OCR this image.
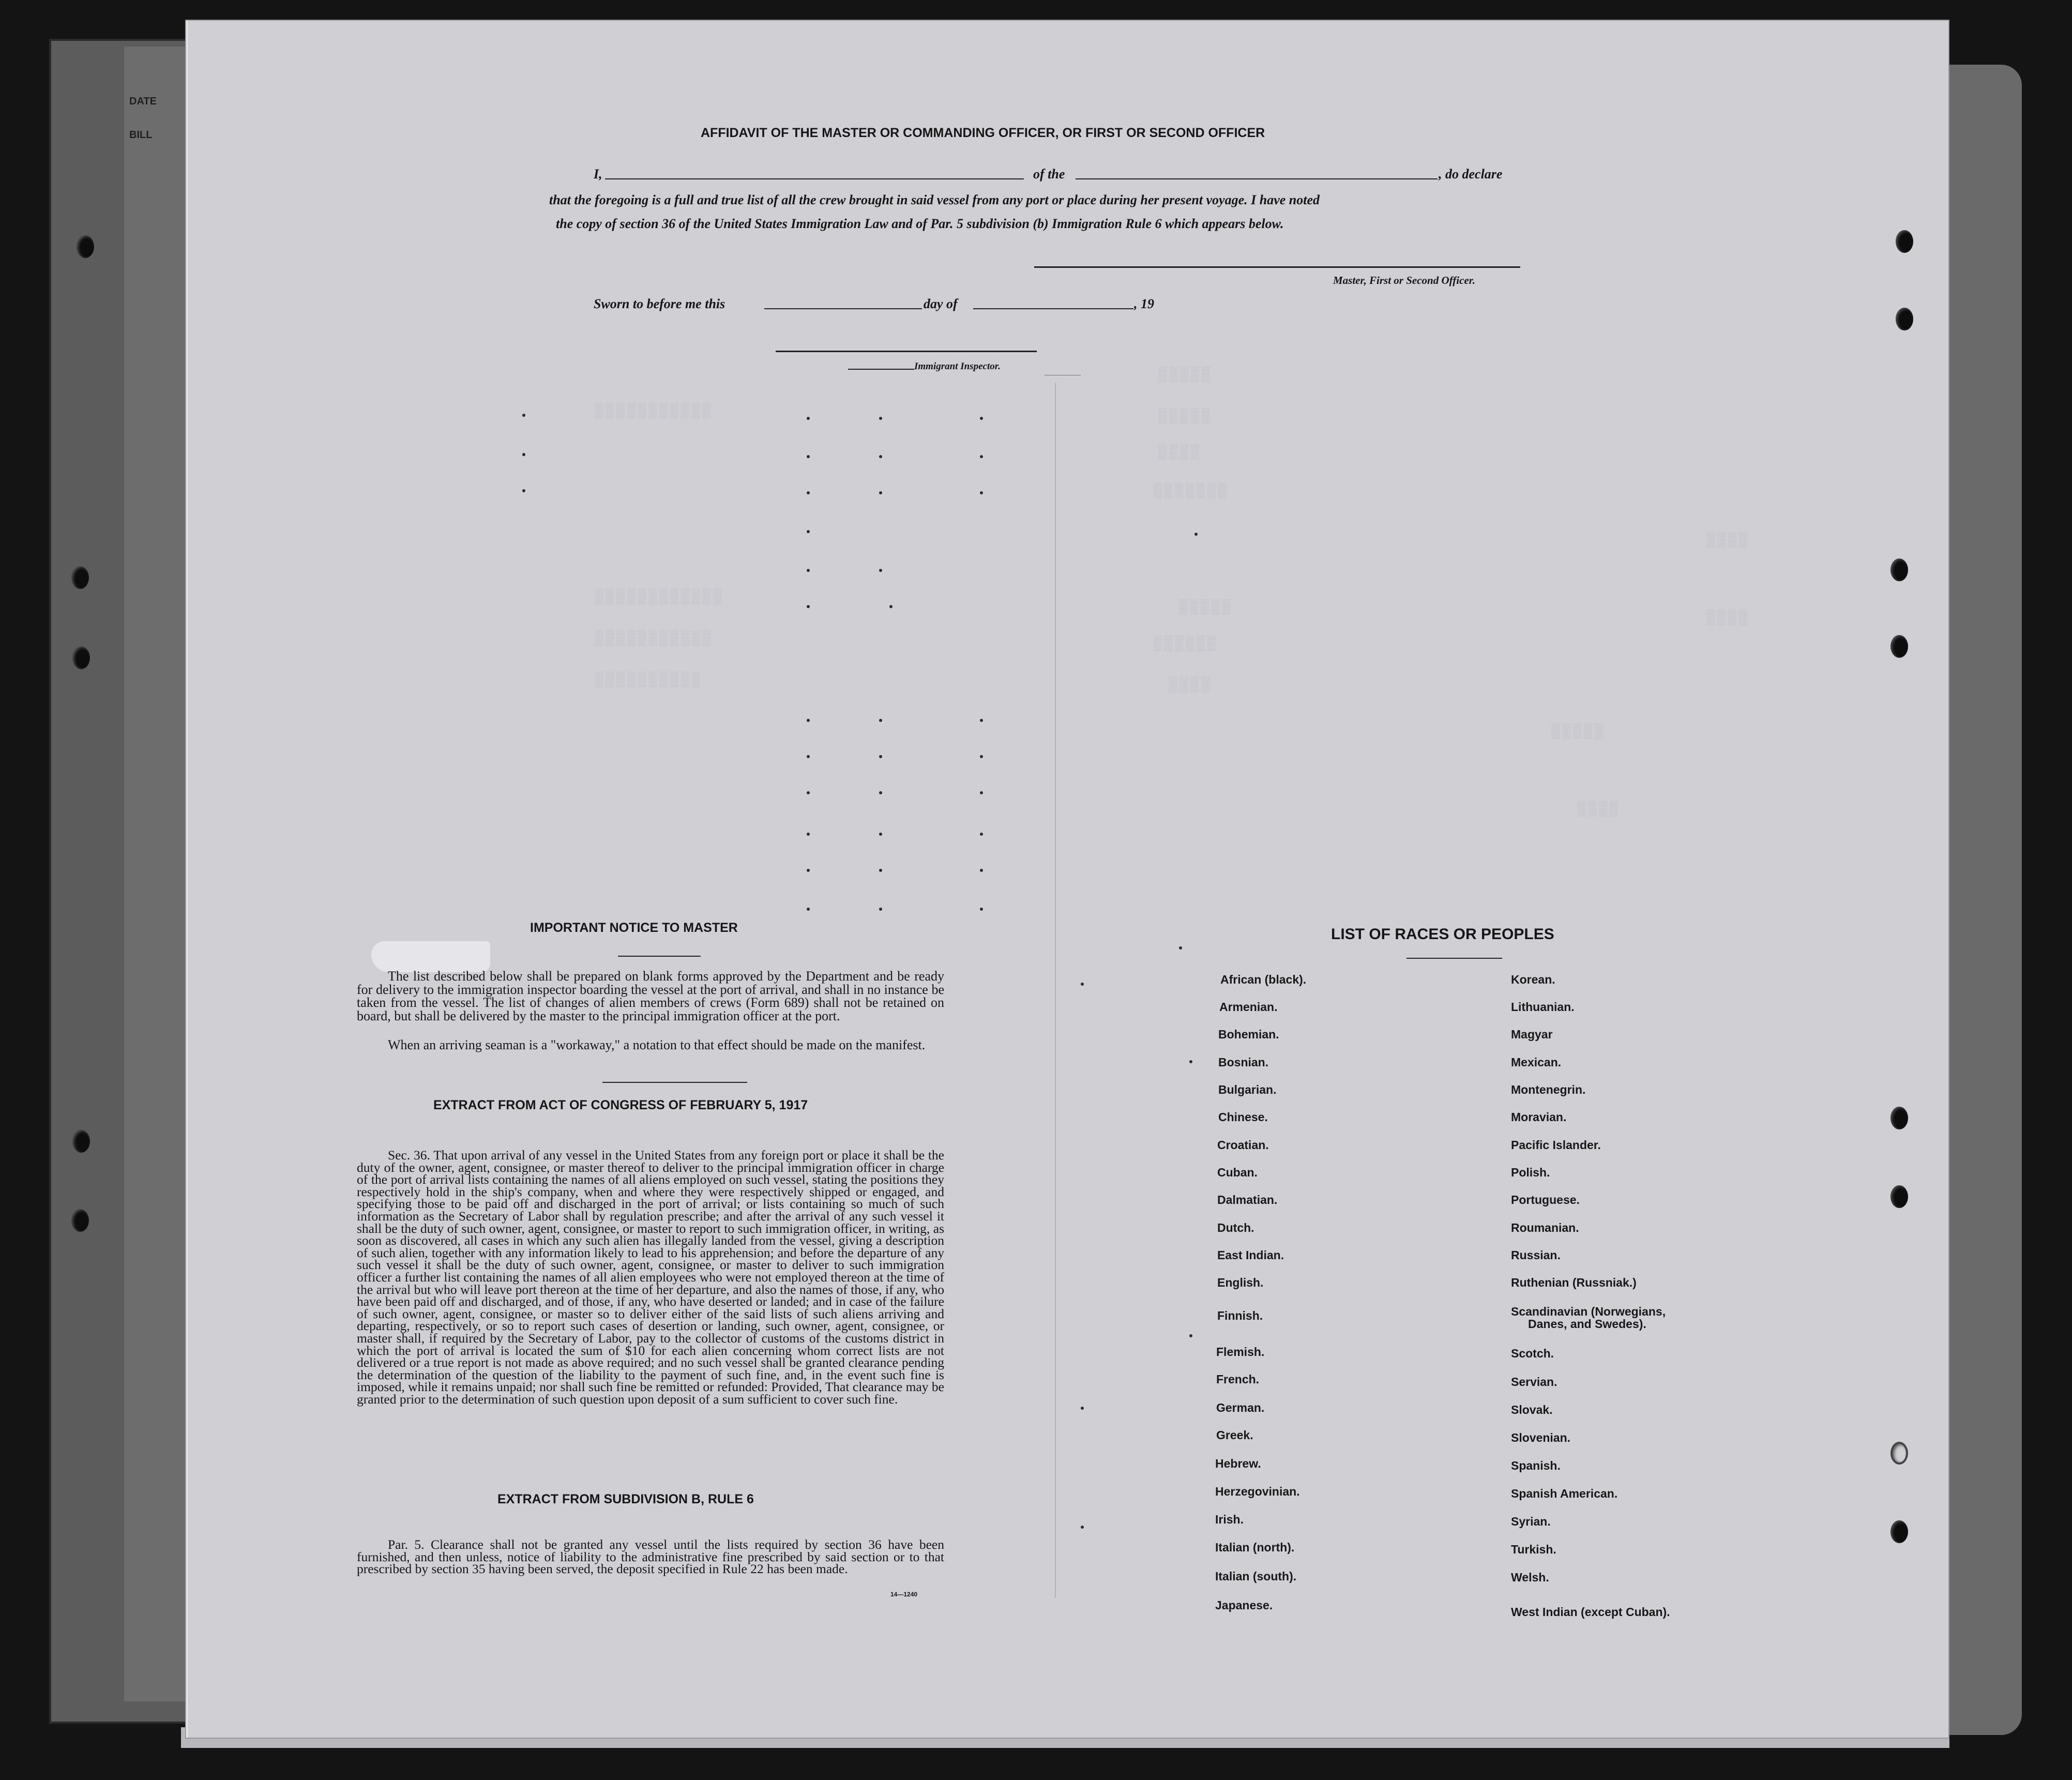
DATE
BILL
▒▒▒▒▒
▒▒▒▒▒
▒▒▒▒
▒▒▒▒▒▒▒
▒▒▒▒▒
▒▒▒▒▒▒
▒▒▒▒
▒▒▒▒▒▒▒▒▒▒▒
▒▒▒▒▒▒▒▒▒▒▒▒
▒▒▒▒▒▒▒▒▒▒▒
▒▒▒▒▒▒▒▒▒▒
▒▒▒▒▒
▒▒▒▒
▒▒▒▒
▒▒▒▒
AFFIDAVIT OF THE MASTER OR COMMANDING OFFICER, OR FIRST OR SECOND OFFICER
I,	of the	, do declare
that the foregoing is a full and true list of all the crew brought in said vessel from any port or place during her present voyage. I have noted
the copy of section 36 of the United States Immigration Law and of Par. 5 subdivision (b) Immigration Rule 6 which appears below.
Master, First or Second Officer.
Sworn to before me this	day of	, 19
Immigrant Inspector.
IMPORTANT NOTICE TO MASTER
The list described below shall be prepared on blank forms approved by the Department and be ready for delivery to the immigration inspector boarding the vessel at the port of arrival, and shall in no instance be taken from the vessel. The list of changes of alien members of crews (Form 689) shall not be retained on board, but shall be delivered by the master to the principal immigration officer at the port.
When an arriving seaman is a "workaway," a notation to that effect should be made on the manifest.
EXTRACT FROM ACT OF CONGRESS OF FEBRUARY 5, 1917
Sec. 36. That upon arrival of any vessel in the United States from any foreign port or place it shall be the duty of the owner, agent, consignee, or master thereof to deliver to the principal immigration officer in charge of the port of arrival lists containing the names of all aliens employed on such vessel, stating the positions they respectively hold in the ship's company, when and where they were respectively shipped or engaged, and specifying those to be paid off and discharged in the port of arrival; or lists containing so much of such information as the Secretary of Labor shall by regulation prescribe; and after the arrival of any such vessel it shall be the duty of such owner, agent, consignee, or master to report to such immigration officer, in writing, as soon as discovered, all cases in which any such alien has illegally landed from the vessel, giving a description of such alien, together with any information likely to lead to his apprehension; and before the departure of any such vessel it shall be the duty of such owner, agent, consignee, or master to deliver to such immigration officer a further list containing the names of all alien employees who were not employed thereon at the time of the arrival but who will leave port thereon at the time of her departure, and also the names of those, if any, who have been paid off and discharged, and of those, if any, who have deserted or landed; and in case of the failure of such owner, agent, consignee, or master so to deliver either of the said lists of such aliens arriving and departing, respectively, or so to report such cases of desertion or landing, such owner, agent, consignee, or master shall, if required by the Secretary of Labor, pay to the collector of customs of the customs district in which the port of arrival is located the sum of $10 for each alien concerning whom correct lists are not delivered or a true report is not made as above required; and no such vessel shall be granted clearance pending the determination of the question of the liability to the payment of such fine, and, in the event such fine is imposed, while it remains unpaid; nor shall such fine be remitted or refunded: Provided, That clearance may be granted prior to the determination of such question upon deposit of a sum sufficient to cover such fine.
EXTRACT FROM SUBDIVISION B, RULE 6
Par. 5. Clearance shall not be granted any vessel until the lists required by section 36 have been furnished, and then unless, notice of liability to the administrative fine prescribed by said section or to that prescribed by section 35 having been served, the deposit specified in Rule 22 has been made.
14—1240
LIST OF RACES OR PEOPLES
African (black).
Armenian.
Bohemian.
Bosnian.
Bulgarian.
Chinese.
Croatian.
Cuban.
Dalmatian.
Dutch.
East Indian.
English.
Finnish.
Flemish.
French.
German.
Greek.
Hebrew.
Herzegovinian.
Irish.
Italian (north).
Italian (south).
Japanese.
Korean.
Lithuanian.
Magyar
Mexican.
Montenegrin.
Moravian.
Pacific Islander.
Polish.
Portuguese.
Roumanian.
Russian.
Ruthenian (Russniak.)
Scandinavian (Norwegians,
Danes, and Swedes).
Scotch.
Servian.
Slovak.
Slovenian.
Spanish.
Spanish American.
Syrian.
Turkish.
Welsh.
West Indian (except Cuban).
